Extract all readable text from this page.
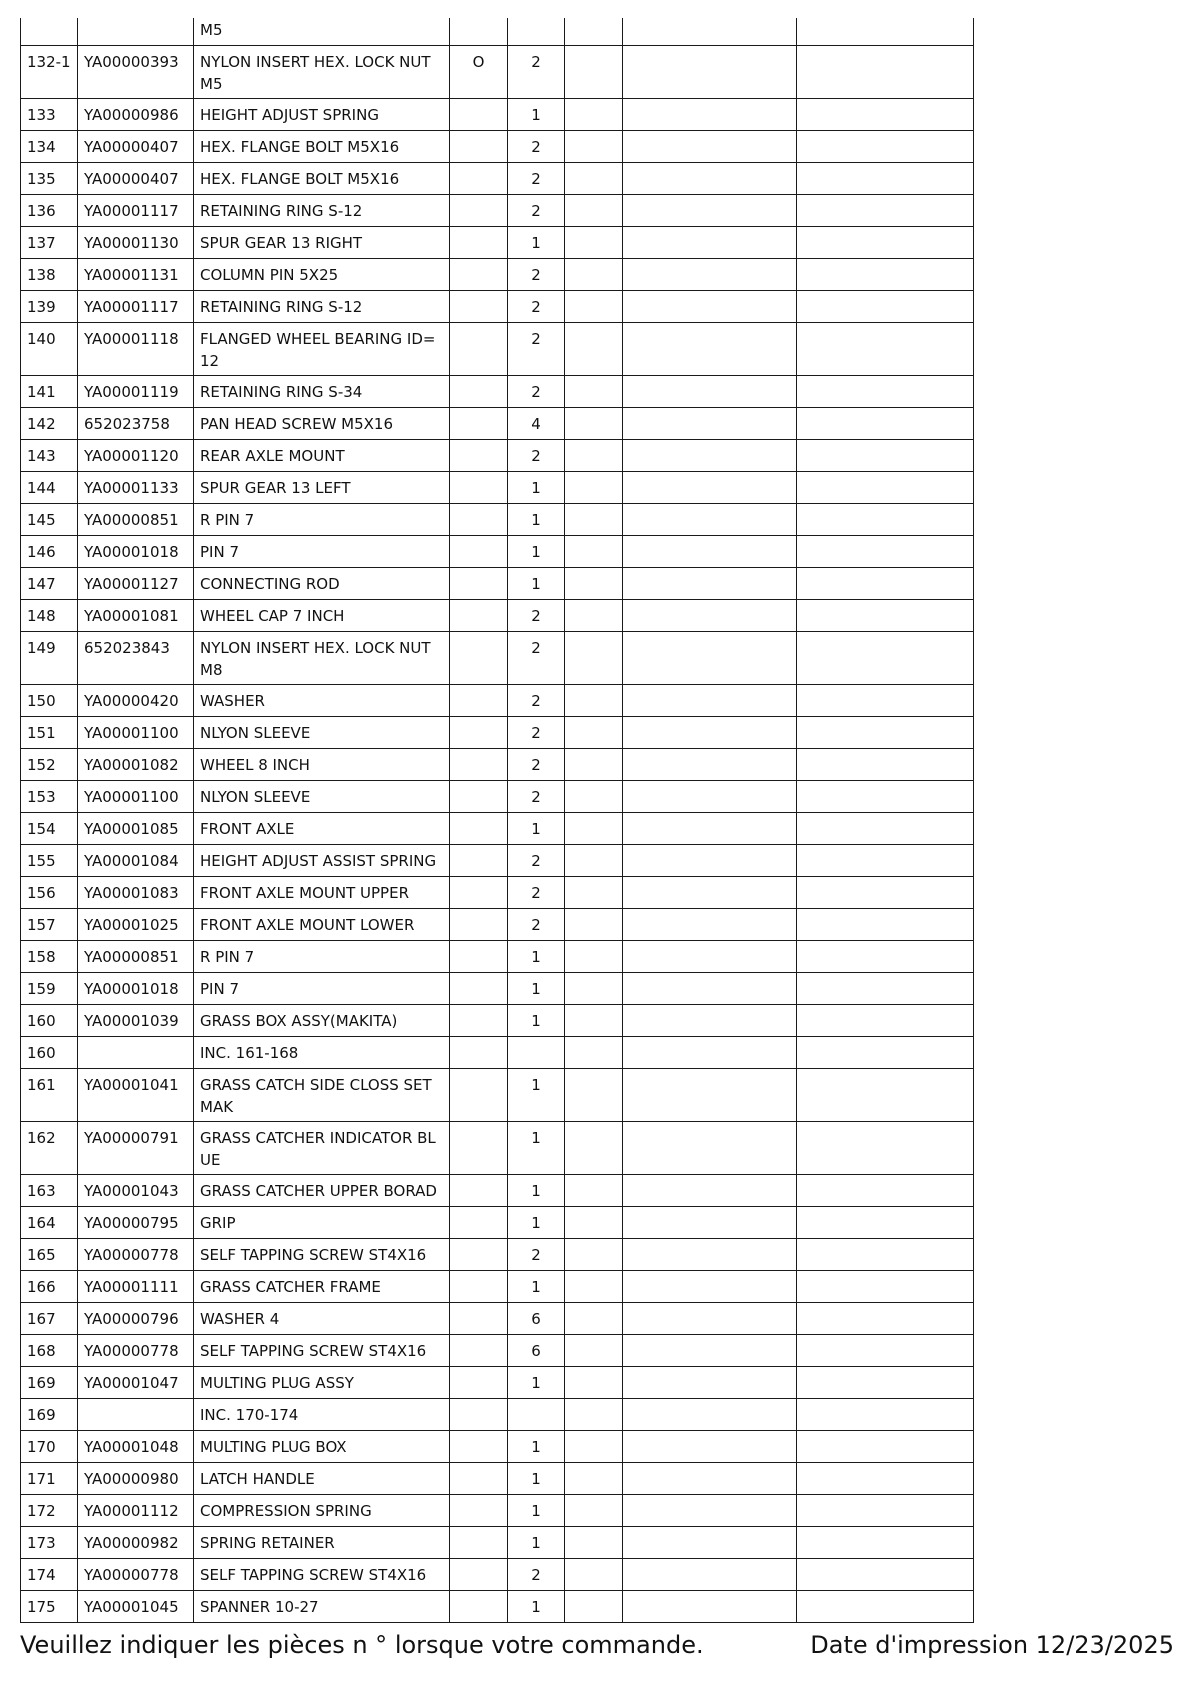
		M5					
132-1	YA00000393	NYLON INSERT HEX. LOCK NUT M5	O	2			
133	YA00000986	HEIGHT ADJUST SPRING		1			
134	YA00000407	HEX. FLANGE BOLT M5X16		2			
135	YA00000407	HEX. FLANGE BOLT M5X16		2			
136	YA00001117	RETAINING RING S-12		2			
137	YA00001130	SPUR GEAR 13 RIGHT		1			
138	YA00001131	COLUMN PIN 5X25		2			
139	YA00001117	RETAINING RING S-12		2			
140	YA00001118	FLANGED WHEEL BEARING ID=12		2			
141	YA00001119	RETAINING RING S-34		2			
142	652023758	PAN HEAD SCREW M5X16		4			
143	YA00001120	REAR AXLE MOUNT		2			
144	YA00001133	SPUR GEAR 13 LEFT		1			
145	YA00000851	R PIN 7		1			
146	YA00001018	PIN 7		1			
147	YA00001127	CONNECTING ROD		1			
148	YA00001081	WHEEL CAP 7 INCH		2			
149	652023843	NYLON INSERT HEX. LOCK NUT M8		2			
150	YA00000420	WASHER		2			
151	YA00001100	NLYON SLEEVE		2			
152	YA00001082	WHEEL 8 INCH		2			
153	YA00001100	NLYON SLEEVE		2			
154	YA00001085	FRONT AXLE		1			
155	YA00001084	HEIGHT ADJUST ASSIST SPRING		2			
156	YA00001083	FRONT AXLE MOUNT UPPER		2			
157	YA00001025	FRONT AXLE MOUNT LOWER		2			
158	YA00000851	R PIN 7		1			
159	YA00001018	PIN 7		1			
160	YA00001039	GRASS BOX ASSY(MAKITA)		1			
160		INC. 161-168					
161	YA00001041	GRASS CATCH SIDE CLOSS SET MAK		1			
162	YA00000791	GRASS CATCHER INDICATOR BLUE		1			
163	YA00001043	GRASS CATCHER UPPER BORAD		1			
164	YA00000795	GRIP		1			
165	YA00000778	SELF TAPPING SCREW ST4X16		2			
166	YA00001111	GRASS CATCHER FRAME		1			
167	YA00000796	WASHER 4		6			
168	YA00000778	SELF TAPPING SCREW ST4X16		6			
169	YA00001047	MULTING PLUG ASSY		1			
169		INC. 170-174					
170	YA00001048	MULTING PLUG BOX		1			
171	YA00000980	LATCH HANDLE		1			
172	YA00001112	COMPRESSION SPRING		1			
173	YA00000982	SPRING RETAINER		1			
174	YA00000778	SELF TAPPING SCREW ST4X16		2			
175	YA00001045	SPANNER 10-27		1			
Veuillez indiquer les pièces n ° lorsque votre commande.	Date d'impression 12/23/2025
